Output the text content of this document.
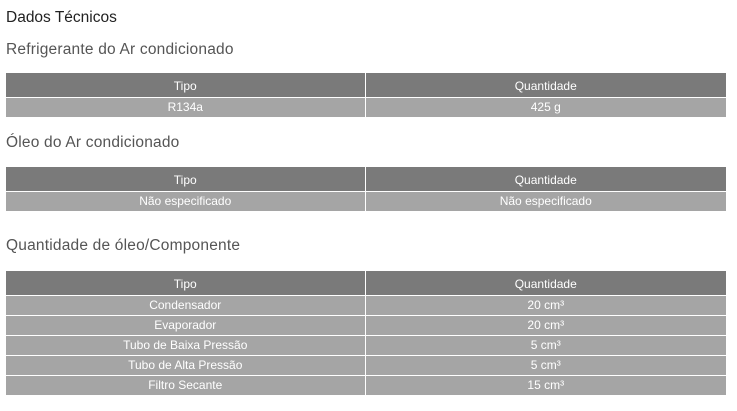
Dados Técnicos
Refrigerante do Ar condicionado
Tipo	Quantidade
R134a	425 g
Óleo do Ar condicionado
Tipo	Quantidade
Não especificado	Não especificado
Quantidade de óleo/Componente
Tipo	Quantidade
Condensador	20 cm³
Evaporador	20 cm³
Tubo de Baixa Pressão	5 cm³
Tubo de Alta Pressão	5 cm³
Filtro Secante	15 cm³
